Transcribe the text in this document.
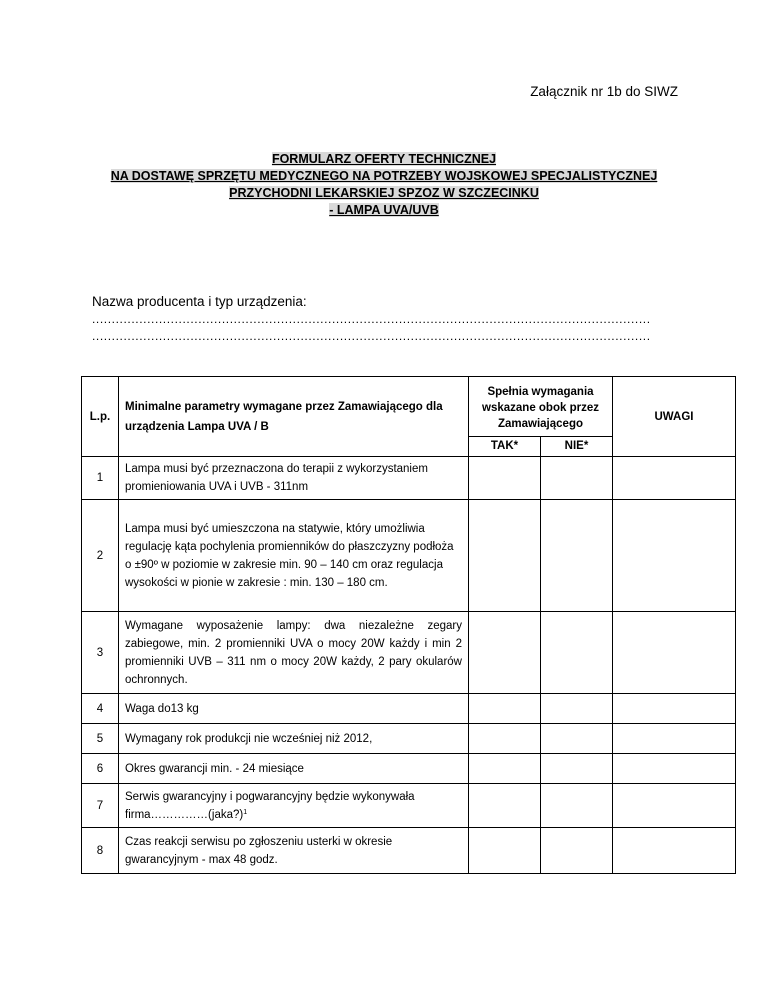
Załącznik nr 1b do SIWZ
FORMULARZ OFERTY TECHNICZNEJ
NA DOSTAWĘ SPRZĘTU MEDYCZNEGO NA POTRZEBY WOJSKOWEJ SPECJALISTYCZNEJ
PRZYCHODNI LEKARSKIEJ SPZOZ W SZCZECINKU
- LAMPA UVA/UVB
Nazwa producenta i typ urządzenia:
..............................................................................................................................................
..............................................................................................................................................
L.p.	Minimalne parametry wymagane przez Zamawiającego dla urządzenia Lampa UVA / B	Spełnia wymagania wskazane obok przez Zamawiającego		UWAGI
		TAK*	NIE*	
1	Lampa musi być przeznaczona do terapii z wykorzystaniem promieniowania UVA i UVB - 311nm			
2	Lampa musi być umieszczona na statywie, który umożliwia regulację kąta pochylenia promienników do płaszczyzny podłoża o ±90º w poziomie w zakresie min. 90 – 140 cm oraz regulacja wysokości w pionie w zakresie : min. 130 – 180 cm.			
3	Wymagane wyposażenie lampy: dwa niezależne zegary zabiegowe, min. 2 promienniki UVA o mocy 20W każdy i min 2 promienniki UVB – 311 nm o mocy 20W każdy, 2 pary okularów ochronnych.			
4	Waga do13 kg			
5	Wymagany rok produkcji nie wcześniej niż 2012,			
6	Okres gwarancji min. - 24 miesiące			
7	Serwis gwarancyjny i pogwarancyjny będzie wykonywała firma……………(jaka?)$^1$			
8	Czas reakcji serwisu po zgłoszeniu usterki w okresie gwarancyjnym - max 48 godz.			
